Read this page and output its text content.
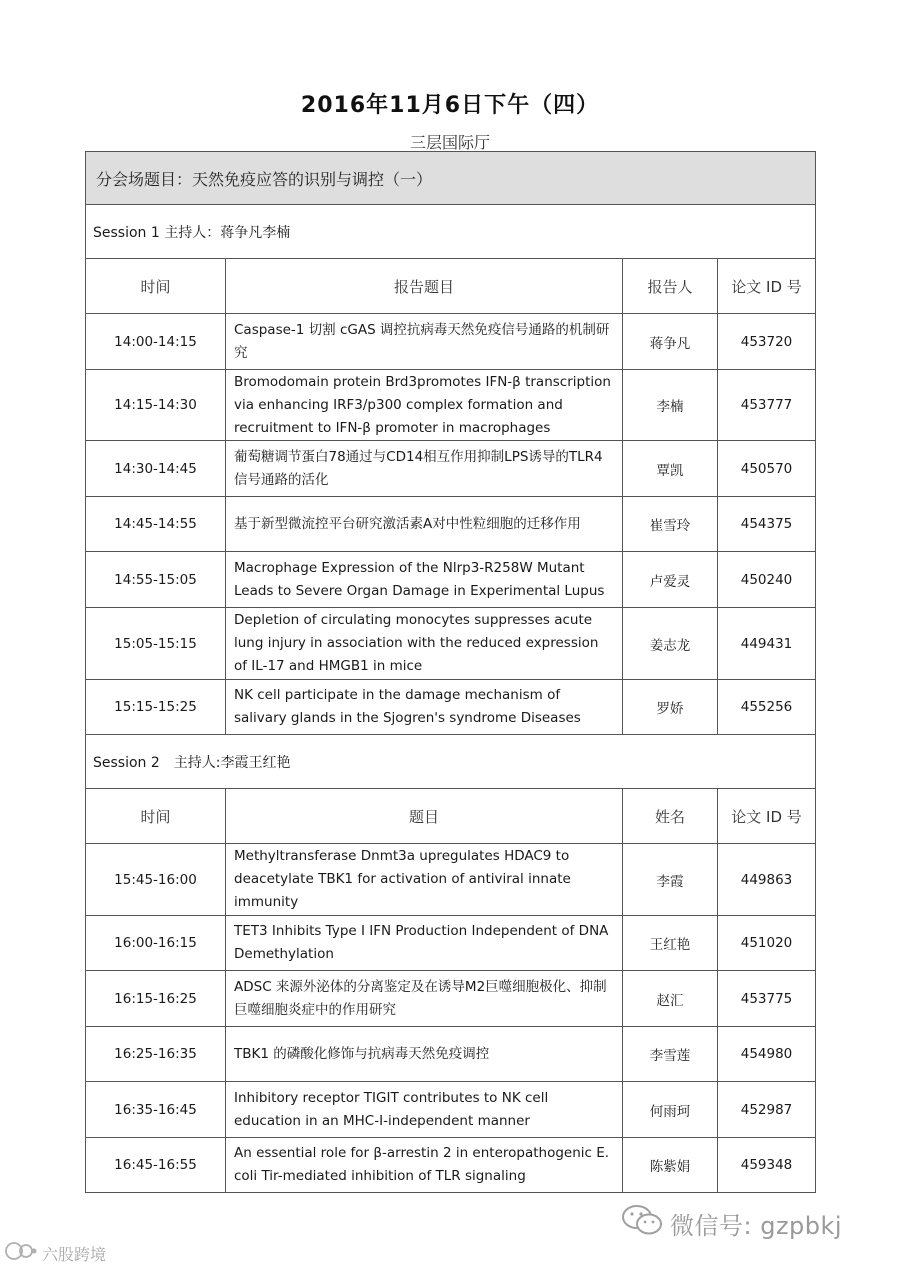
2016年11月6日下午（四）
三层国际厅
分会场题目：天然免疫应答的识别与调控（一）			
Session 1 主持人：蒋争凡李楠			
时间	报告题目	报告人	论文 ID 号
14:00-14:15	Caspase-1 切割 cGAS 调控抗病毒天然免疫信号通路的机制研究	蒋争凡	453720
14:15-14:30	Bromodomain protein Brd3promotes IFN-β transcription via enhancing IRF3/p300 complex formation and recruitment to IFN-β promoter in macrophages	李楠	453777
14:30-14:45	葡萄糖调节蛋白78通过与CD14相互作用抑制LPS诱导的TLR4信号通路的活化	覃凯	450570
14:45-14:55	基于新型微流控平台研究激活素A对中性粒细胞的迁移作用	崔雪玲	454375
14:55-15:05	Macrophage Expression of the Nlrp3-R258W Mutant Leads to Severe Organ Damage in Experimental Lupus	卢爱灵	450240
15:05-15:15	Depletion of circulating monocytes suppresses acute lung injury in association with the reduced expression of IL-17 and HMGB1 in mice	姜志龙	449431
15:15-15:25	NK cell participate in the damage mechanism of salivary glands in the Sjogren's syndrome Diseases	罗娇	455256
Session 2　主持人:李霞王红艳			
时间	题目	姓名	论文 ID 号
15:45-16:00	Methyltransferase Dnmt3a upregulates HDAC9 to deacetylate TBK1 for activation of antiviral innate immunity	李霞	449863
16:00-16:15	TET3 Inhibits Type I IFN Production Independent of DNA Demethylation	王红艳	451020
16:15-16:25	ADSC 来源外泌体的分离鉴定及在诱导M2巨噬细胞极化、抑制巨噬细胞炎症中的作用研究	赵汇	453775
16:25-16:35	TBK1 的磷酸化修饰与抗病毒天然免疫调控	李雪莲	454980
16:35-16:45	Inhibitory receptor TIGIT contributes to NK cell education in an MHC-I-independent manner	何雨珂	452987
16:45-16:55	An essential role for β-arrestin 2 in enteropathogenic E. coli Tir-mediated inhibition of TLR signaling	陈紫娟	459348
微信号: gzpbkj
六股跨境
